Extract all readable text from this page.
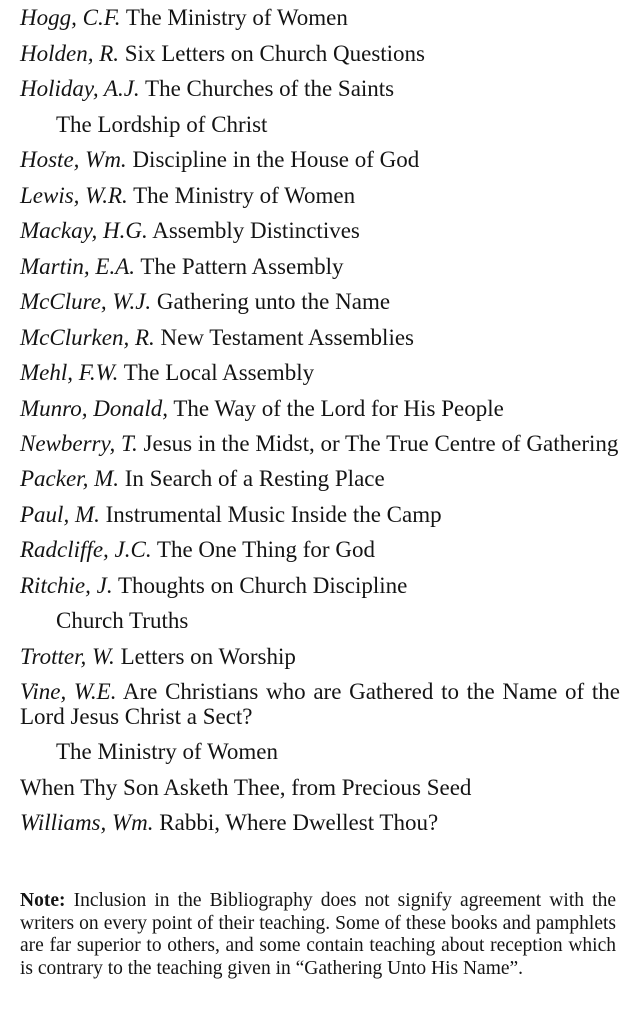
Hogg, C.F. The Ministry of Women
Holden, R. Six Letters on Church Questions
Holiday, A.J. The Churches of the Saints
The Lordship of Christ
Hoste, Wm. Discipline in the House of God
Lewis, W.R. The Ministry of Women
Mackay, H.G. Assembly Distinctives
Martin, E.A. The Pattern Assembly
McClure, W.J. Gathering unto the Name
McClurken, R. New Testament Assemblies
Mehl, F.W. The Local Assembly
Munro, Donald, The Way of the Lord for His People
Newberry, T. Jesus in the Midst, or The True Centre of Gathering
Packer, M. In Search of a Resting Place
Paul, M. Instrumental Music Inside the Camp
Radcliffe, J.C. The One Thing for God
Ritchie, J. Thoughts on Church Discipline
Church Truths
Trotter, W. Letters on Worship
Vine, W.E. Are Christians who are Gathered to the Name of the Lord Jesus Christ a Sect?
The Ministry of Women
When Thy Son Asketh Thee, from Precious Seed
Williams, Wm. Rabbi, Where Dwellest Thou?
Note: Inclusion in the Bibliography does not signify agreement with the writers on every point of their teaching. Some of these books and pamphlets are far superior to others, and some contain teaching about reception which is contrary to the teaching given in “Gathering Unto His Name”.
